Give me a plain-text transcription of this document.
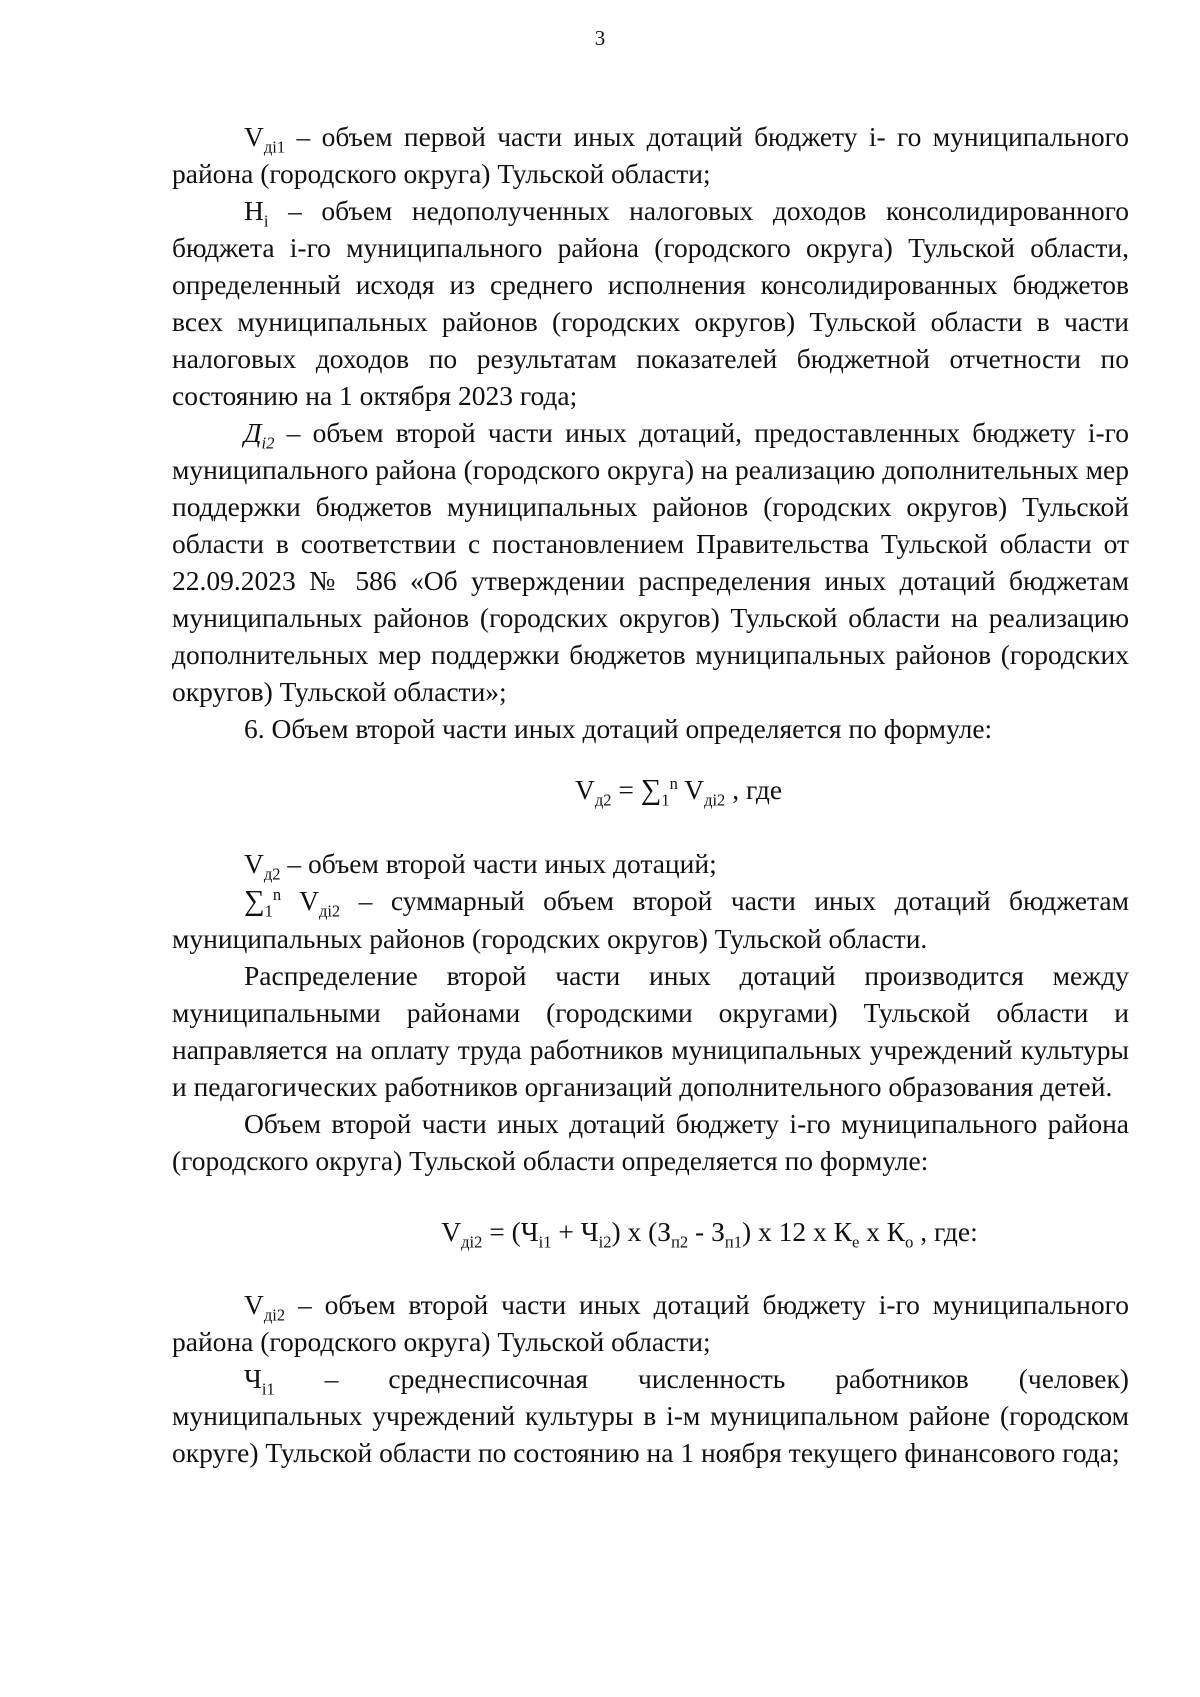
3

$V_{дi1}$ – объем первой части иных дотаций бюджету i- го муниципального района (городского округа) Тульской области;

$Н_i$ – объем недополученных налоговых доходов консолидированного бюджета i-го муниципального района (городского округа) Тульской области, определенный исходя из среднего исполнения консолидированных бюджетов всех муниципальных районов (городских округов) Тульской области в части налоговых доходов по результатам показателей бюджетной отчетности по состоянию на 1 октября 2023 года;

$Д_{i2}$ – объем второй части иных дотаций, предоставленных бюджету i-го муниципального района (городского округа) на реализацию дополнительных мер поддержки бюджетов муниципальных районов (городских округов) Тульской области в соответствии с постановлением Правительства Тульской области от 22.09.2023 № 586 «Об утверждении распределения иных дотаций бюджетам муниципальных районов (городских округов) Тульской области на реализацию дополнительных мер поддержки бюджетов муниципальных районов (городских округов) Тульской области»;

6. Объем второй части иных дотаций определяется по формуле:

$V_{д2} = \sum_1^n$ $V_{дi2}$ , где

$V_{д2}$ – объем второй части иных дотаций;

$\sum_1^n$ $V_{дi2}$ – суммарный объем второй части иных дотаций бюджетам муниципальных районов (городских округов) Тульской области.

Распределение второй части иных дотаций производится между муниципальными районами (городскими округами) Тульской области и направляется на оплату труда работников муниципальных учреждений культуры и педагогических работников организаций дополнительного образования детей.

Объем второй части иных дотаций бюджету i-го муниципального района (городского округа) Тульской области определяется по формуле:

$V_{дi2} = (Ч_{i1} + Ч_{i2})$ х $(З_{п2} - З_{п1})$ х 12 х $К_е$ х $К_о$ , где:

$V_{дi2}$ – объем второй части иных дотаций бюджету i-го муниципального района (городского округа) Тульской области;

$Ч_{i1}$ – среднесписочная численность работников (человек)

муниципальных учреждений культуры в i-м муниципальном районе (городском округе) Тульской области по состоянию на 1 ноября текущего финансового года;
